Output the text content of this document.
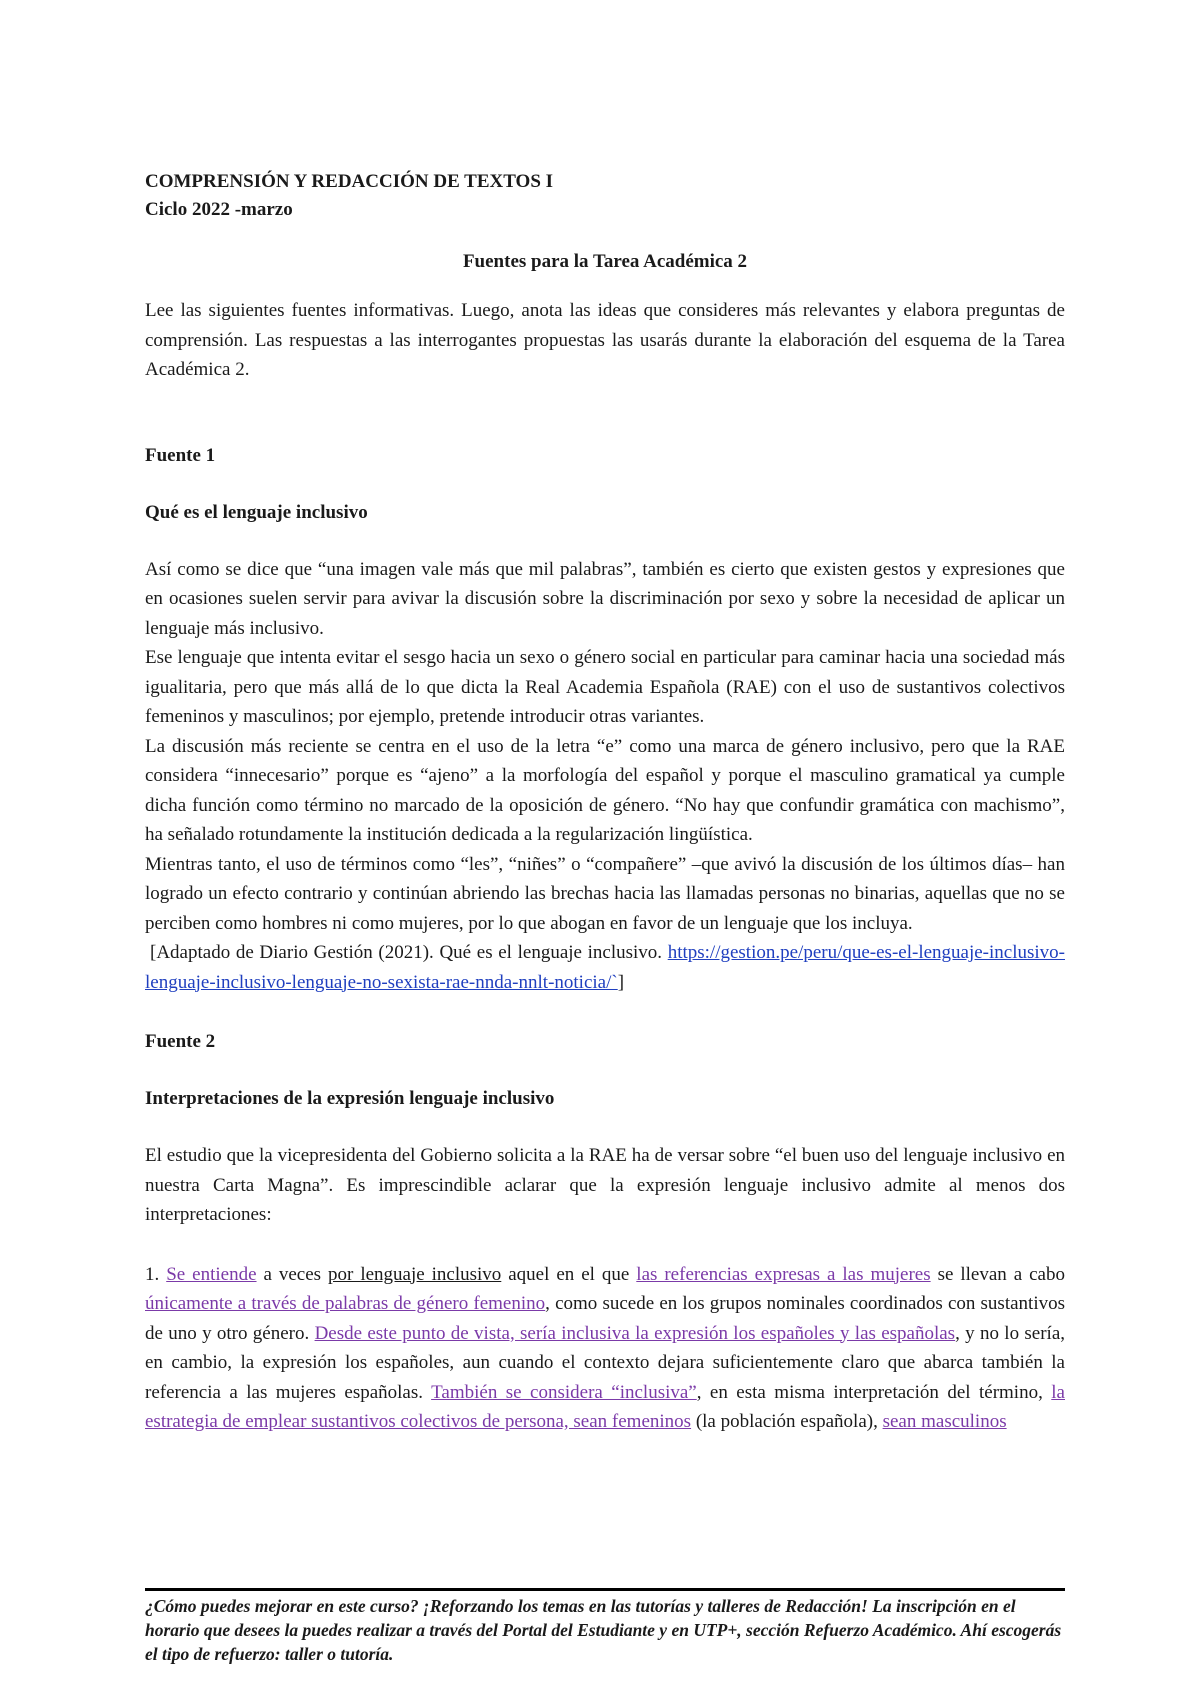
COMPRENSIÓN Y REDACCIÓN DE TEXTOS I
Ciclo 2022 -marzo
Fuentes para la Tarea Académica 2

Lee las siguientes fuentes informativas. Luego, anota las ideas que consideres más relevantes y elabora preguntas de comprensión. Las respuestas a las interrogantes propuestas las usarás durante la elaboración del esquema de la Tarea Académica 2.

Fuente 1
Qué es el lenguaje inclusivo

Así como se dice que “una imagen vale más que mil palabras”, también es cierto que existen gestos y expresiones que en ocasiones suelen servir para avivar la discusión sobre la discriminación por sexo y sobre la necesidad de aplicar un lenguaje más inclusivo.

Ese lenguaje que intenta evitar el sesgo hacia un sexo o género social en particular para caminar hacia una sociedad más igualitaria, pero que más allá de lo que dicta la Real Academia Española (RAE) con el uso de sustantivos colectivos femeninos y masculinos; por ejemplo, pretende introducir otras variantes.

La discusión más reciente se centra en el uso de la letra “e” como una marca de género inclusivo, pero que la RAE considera “innecesario” porque es “ajeno” a la morfología del español y porque el masculino gramatical ya cumple dicha función como término no marcado de la oposición de género. “No hay que confundir gramática con machismo”, ha señalado rotundamente la institución dedicada a la regularización lingüística.

Mientras tanto, el uso de términos como “les”, “niñes” o “compañere” –que avivó la discusión de los últimos días– han logrado un efecto contrario y continúan abriendo las brechas hacia las llamadas personas no binarias, aquellas que no se perciben como hombres ni como mujeres, por lo que abogan en favor de un lenguaje que los incluya.

[Adaptado de Diario Gestión (2021). Qué es el lenguaje inclusivo. https://gestion.pe/peru/que-es-el-lenguaje-inclusivo-lenguaje-inclusivo-lenguaje-no-sexista-rae-nnda-nnlt-noticia/`]

Fuente 2
Interpretaciones de la expresión lenguaje inclusivo

El estudio que la vicepresidenta del Gobierno solicita a la RAE ha de versar sobre “el buen uso del lenguaje inclusivo en nuestra Carta Magna”. Es imprescindible aclarar que la expresión lenguaje inclusivo admite al menos dos interpretaciones:

1. Se entiende a veces por lenguaje inclusivo aquel en el que las referencias expresas a las mujeres se llevan a cabo únicamente a través de palabras de género femenino, como sucede en los grupos nominales coordinados con sustantivos de uno y otro género. Desde este punto de vista, sería inclusiva la expresión los españoles y las españolas, y no lo sería, en cambio, la expresión los españoles, aun cuando el contexto dejara suficientemente claro que abarca también la referencia a las mujeres españolas. También se considera “inclusiva”, en esta misma interpretación del término, la estrategia de emplear sustantivos colectivos de persona, sean femeninos (la población española), sean masculinos

¿Cómo puedes mejorar en este curso? ¡Reforzando los temas en las tutorías y talleres de Redacción! La inscripción en el horario que desees la puedes realizar a través del Portal del Estudiante y en UTP+, sección Refuerzo Académico. Ahí escogerás el tipo de refuerzo: taller o tutoría.
